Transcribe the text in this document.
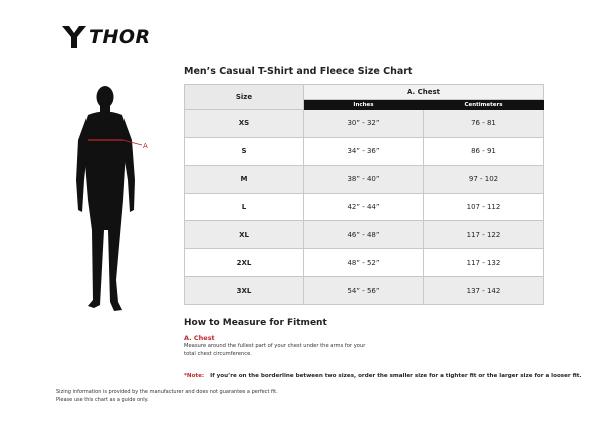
THOR
A
Men’s Casual T-Shirt and Fleece Size Chart
Size	A. Chest	
	Inches	Centimeters
XS	30” - 32”	76 - 81
S	34” - 36”	86 - 91
M	38” - 40”	97 - 102
L	42” - 44”	107 - 112
XL	46” - 48”	117 - 122
2XL	48” - 52”	117 - 132
3XL	54” - 56”	137 - 142
How to Measure for Fitment
A. Chest
Measure around the fullest part of your chest under the arms for your total chest circumference.
*Note: If you’re on the borderline between two sizes, order the smaller size for a tighter fit or the larger size for a looser fit.
Sizing information is provided by the manufacturer and does not guarantee a perfect fit.
Please use this chart as a guide only.
